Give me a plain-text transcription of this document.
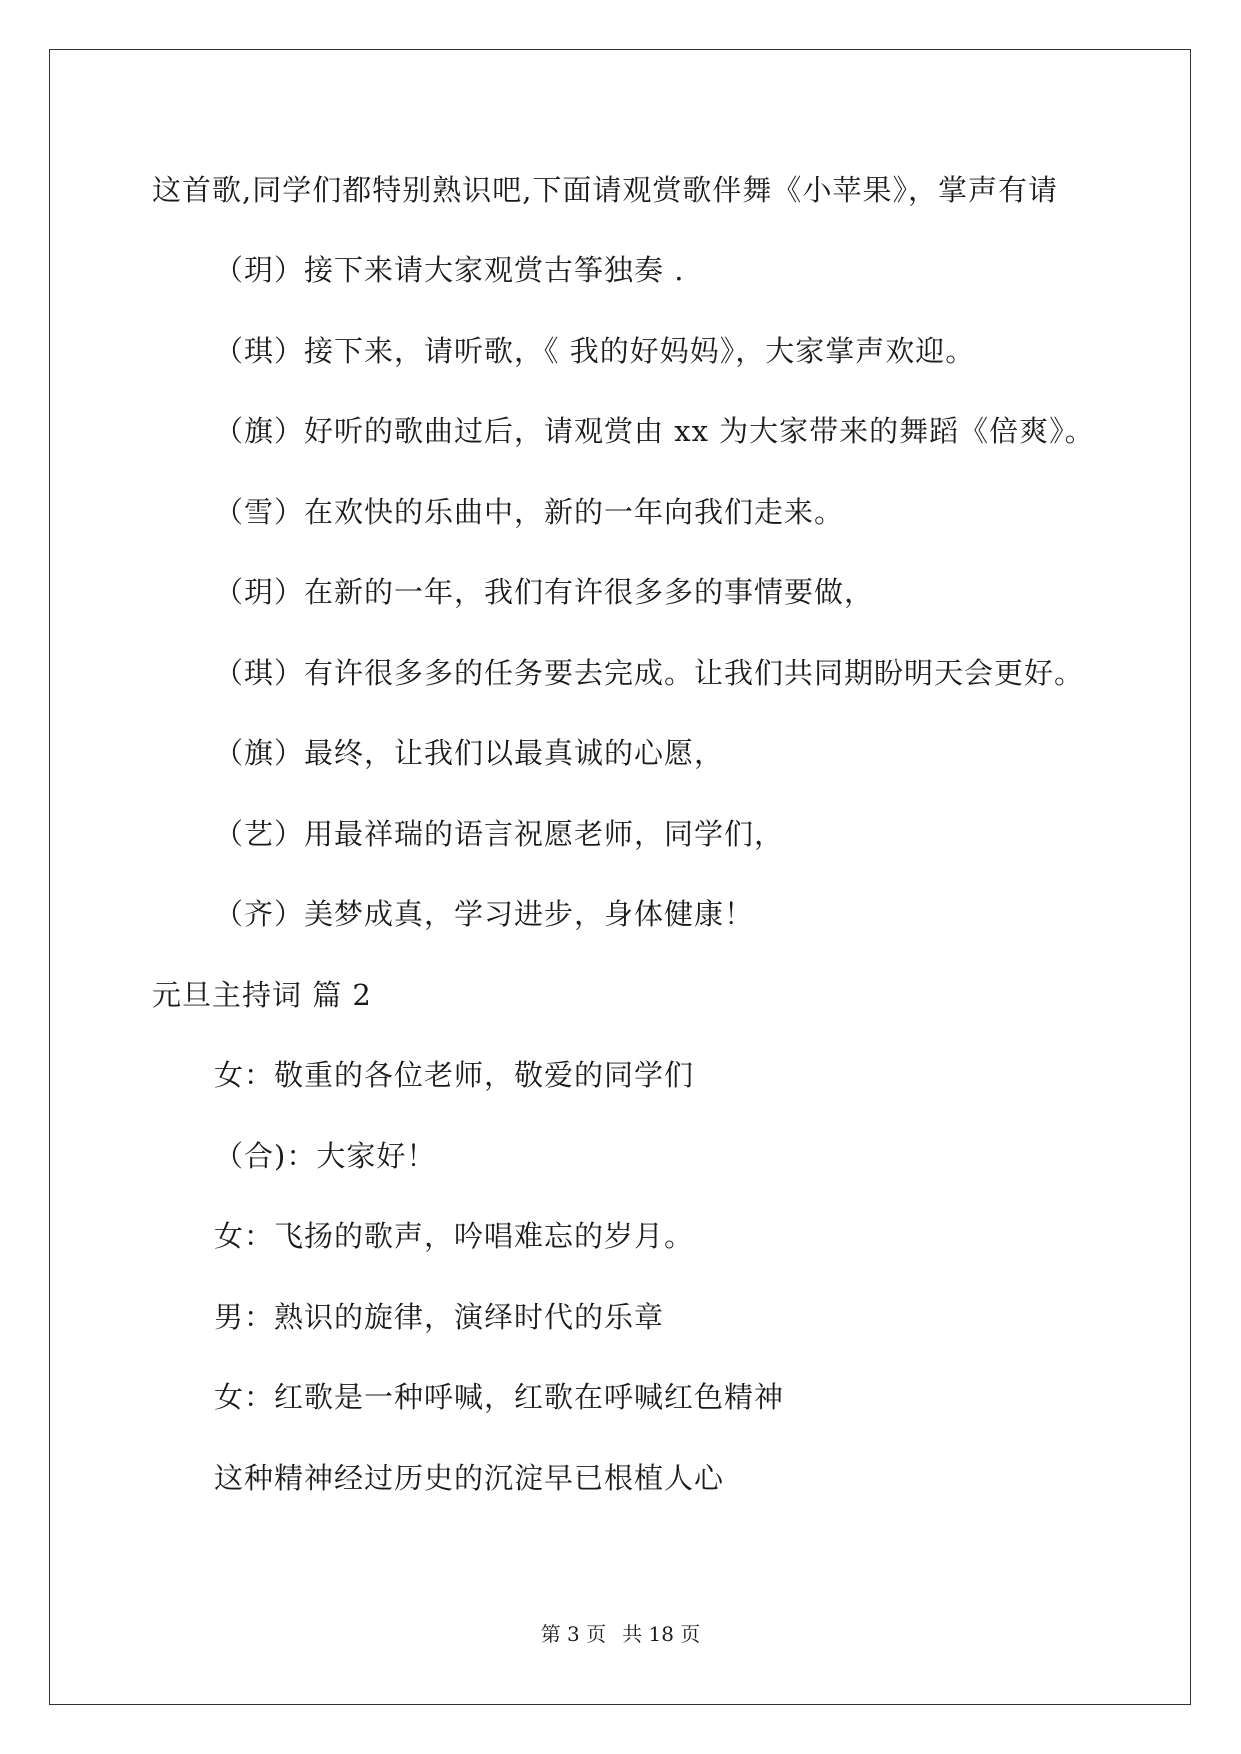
这首歌,同学们都特别熟识吧,下面请观赏歌伴舞《小苹果》，掌声有请
（玥）接下来请大家观赏古筝独奏 .
（琪）接下来，请听歌，《 我的好妈妈》，大家掌声欢迎。
（旗）好听的歌曲过后，请观赏由 xx 为大家带来的舞蹈《倍爽》。
（雪）在欢快的乐曲中，新的一年向我们走来。
（玥）在新的一年，我们有许很多多的事情要做，
（琪）有许很多多的任务要去完成。让我们共同期盼明天会更好。
（旗）最终，让我们以最真诚的心愿，
（艺）用最祥瑞的语言祝愿老师，同学们，
（齐）美梦成真，学习进步，身体健康！
元旦主持词 篇 2
女：敬重的各位老师，敬爱的同学们
（合)：大家好！
女：飞扬的歌声，吟唱难忘的岁月。
男：熟识的旋律，演绎时代的乐章
女：红歌是一种呼喊，红歌在呼喊红色精神
这种精神经过历史的沉淀早已根植人心
第 3 页 共 18 页
